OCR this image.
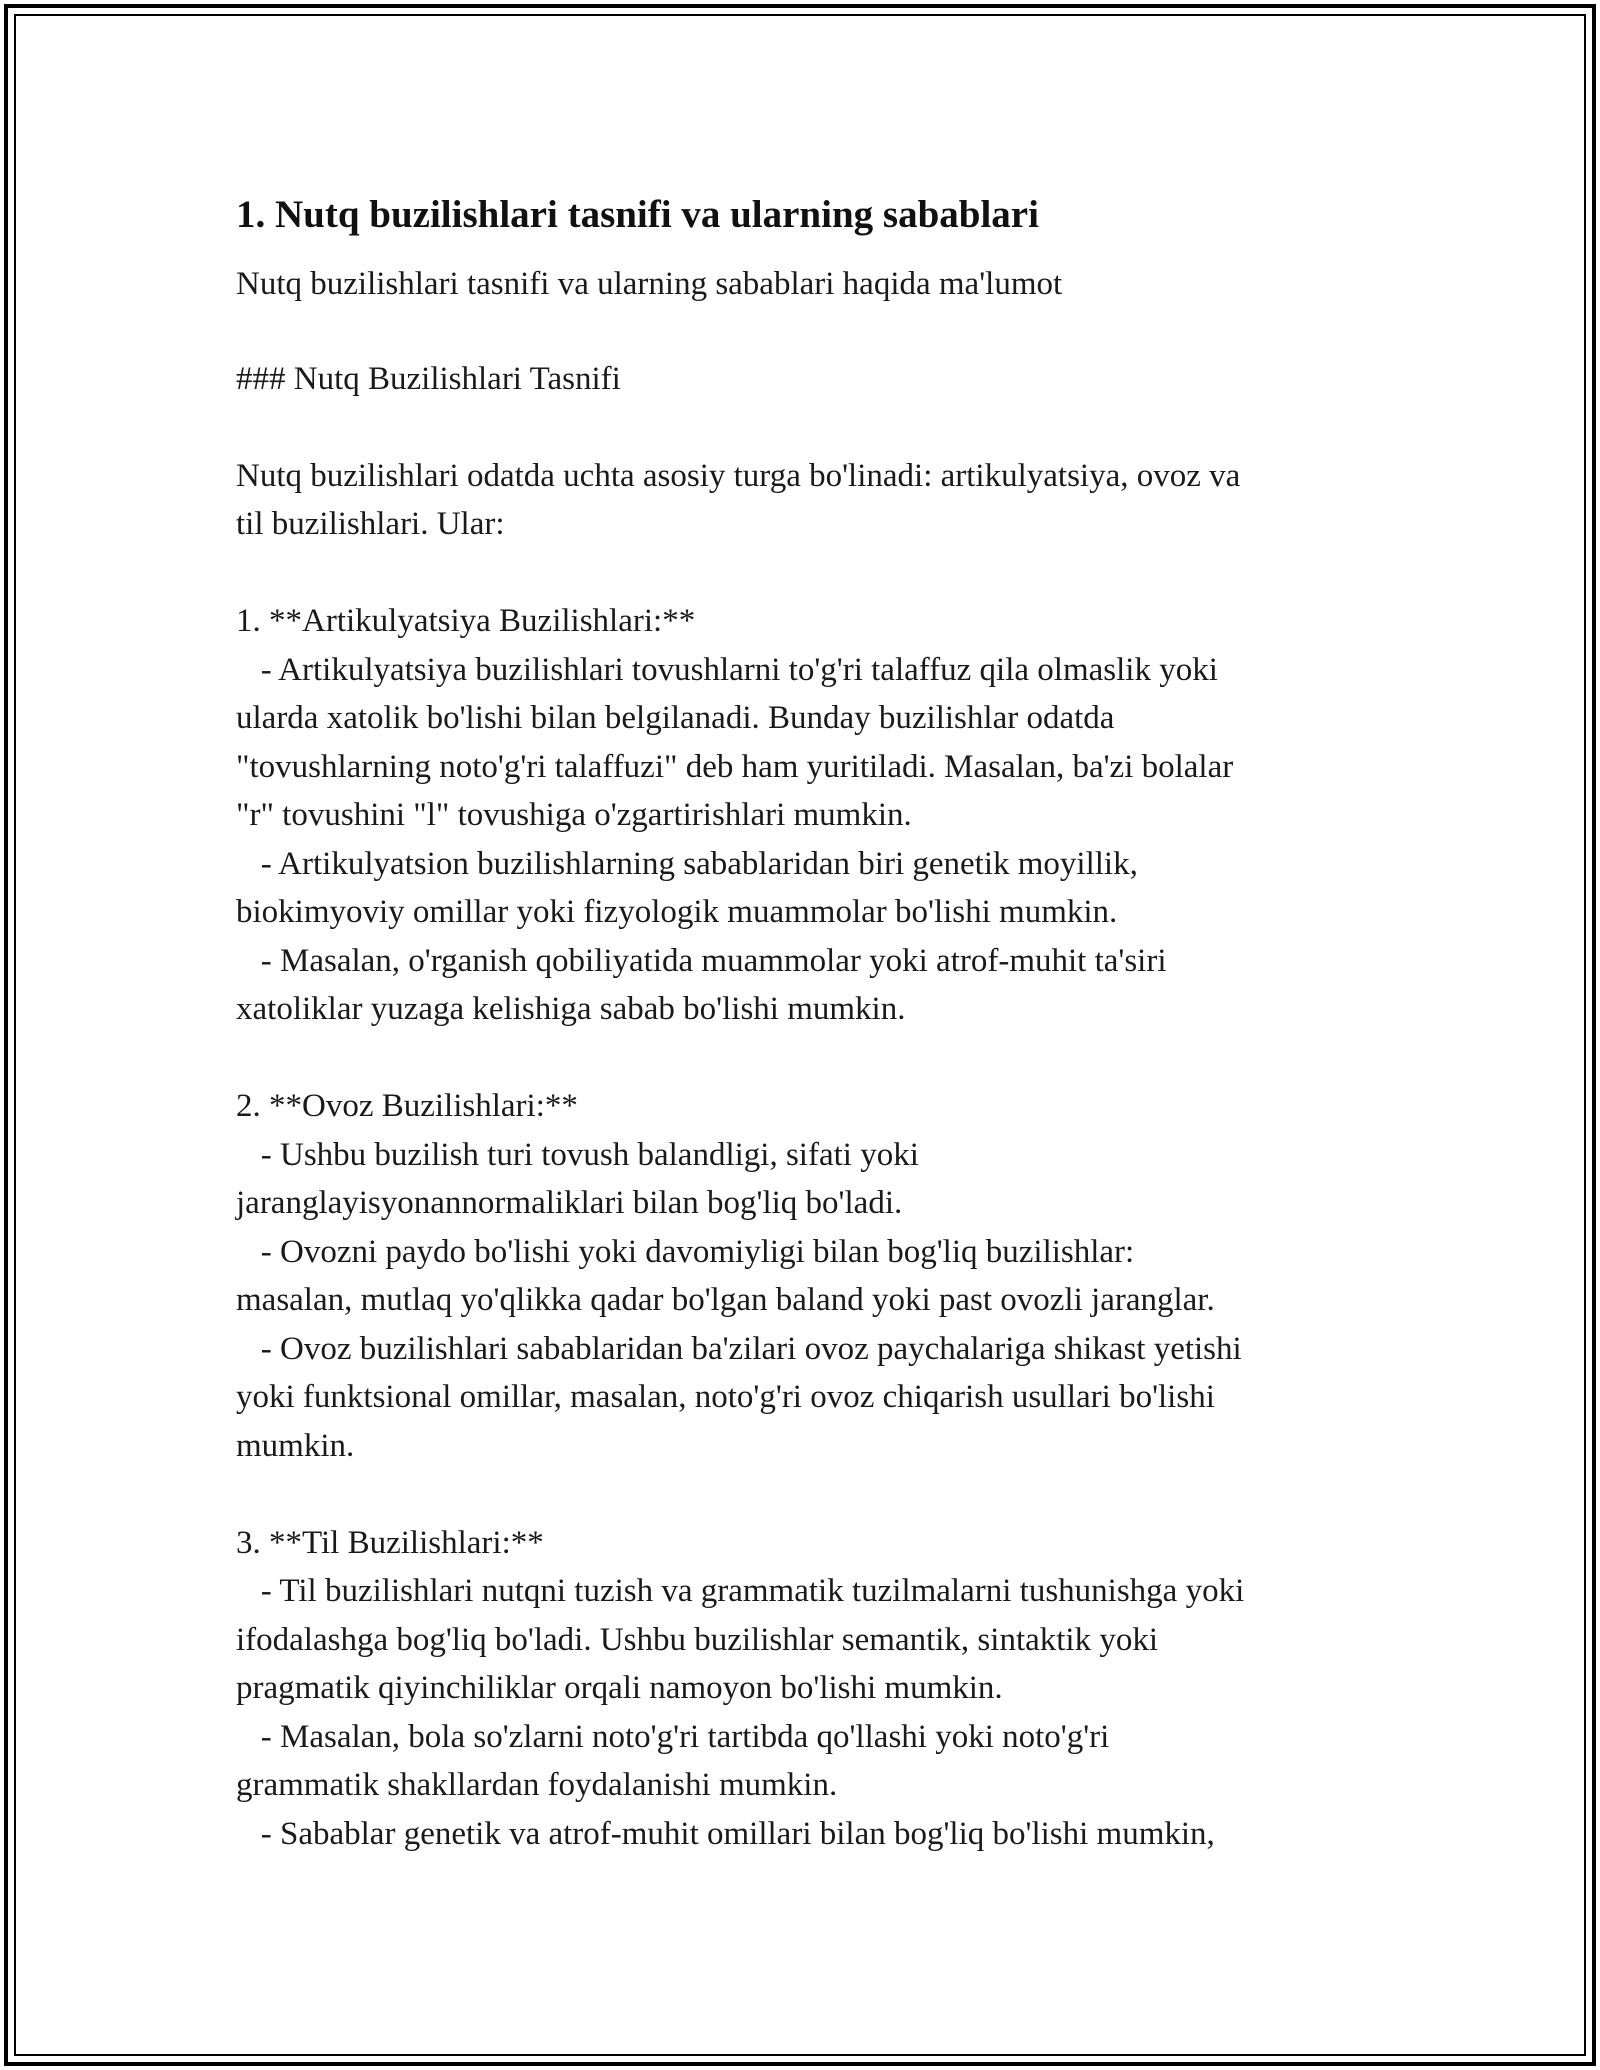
1. Nutq buzilishlari tasnifi va ularning sabablari

Nutq buzilishlari tasnifi va ularning sabablari haqida ma'lumot

### Nutq Buzilishlari Tasnifi

Nutq buzilishlari odatda uchta asosiy turga bo'linadi: artikulyatsiya, ovoz va
til buzilishlari. Ular:

1. **Artikulyatsiya Buzilishlari:**
- Artikulyatsiya buzilishlari tovushlarni to'g'ri talaffuz qila olmaslik yoki
ularda xatolik bo'lishi bilan belgilanadi. Bunday buzilishlar odatda
"tovushlarning noto'g'ri talaffuzi" deb ham yuritiladi. Masalan, ba'zi bolalar
"r" tovushini "l" tovushiga o'zgartirishlari mumkin.
- Artikulyatsion buzilishlarning sabablaridan biri genetik moyillik,
biokimyoviy omillar yoki fizyologik muammolar bo'lishi mumkin.
- Masalan, o'rganish qobiliyatida muammolar yoki atrof-muhit ta'siri
xatoliklar yuzaga kelishiga sabab bo'lishi mumkin.

2. **Ovoz Buzilishlari:**
- Ushbu buzilish turi tovush balandligi, sifati yoki
jaranglayisyonannormaliklari bilan bog'liq bo'ladi.
- Ovozni paydo bo'lishi yoki davomiyligi bilan bog'liq buzilishlar:
masalan, mutlaq yo'qlikka qadar bo'lgan baland yoki past ovozli jaranglar.
- Ovoz buzilishlari sabablaridan ba'zilari ovoz paychalariga shikast yetishi
yoki funktsional omillar, masalan, noto'g'ri ovoz chiqarish usullari bo'lishi
mumkin.

3. **Til Buzilishlari:**
- Til buzilishlari nutqni tuzish va grammatik tuzilmalarni tushunishga yoki
ifodalashga bog'liq bo'ladi. Ushbu buzilishlar semantik, sintaktik yoki
pragmatik qiyinchiliklar orqali namoyon bo'lishi mumkin.
- Masalan, bola so'zlarni noto'g'ri tartibda qo'llashi yoki noto'g'ri
grammatik shakllardan foydalanishi mumkin.
- Sabablar genetik va atrof-muhit omillari bilan bog'liq bo'lishi mumkin,
